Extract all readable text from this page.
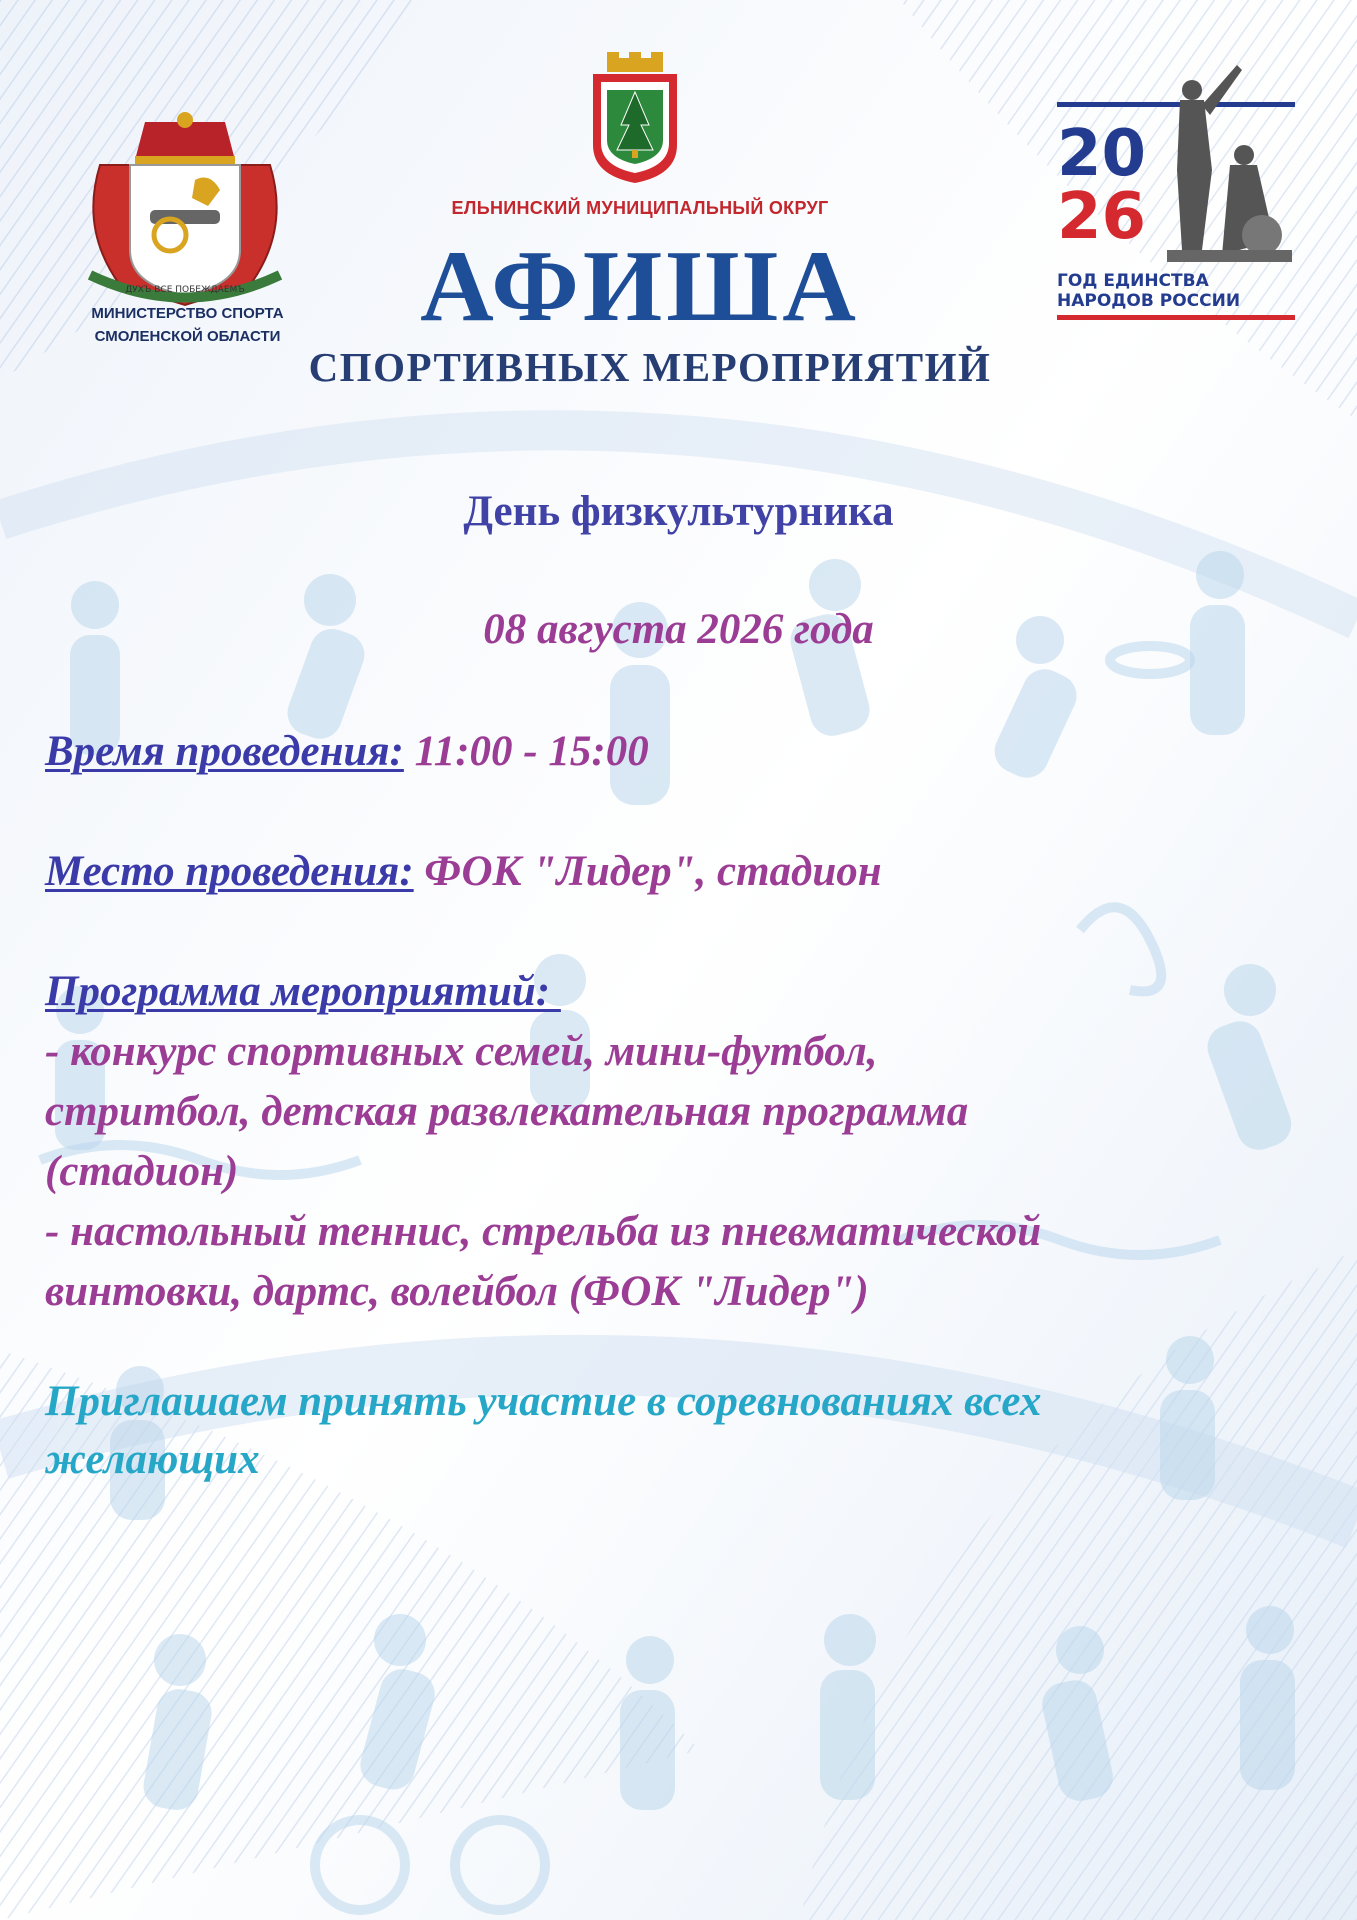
ДУХЪ ВСЕ ПОБЕЖДАЕМЪ
МИНИСТЕРСТВО СПОРТА
СМОЛЕНСКОЙ ОБЛАСТИ
ЕЛЬНИНСКИЙ МУНИЦИПАЛЬНЫЙ ОКРУГ
АФИША
СПОРТИВНЫХ МЕРОПРИЯТИЙ
20
26
ГОД ЕДИНСТВА
НАРОДОВ РОССИИ
День физкультурника
08 августа 2026 года
Время проведения: 11:00 - 15:00
Место проведения: ФОК "Лидер", стадион
Программа мероприятий:
- конкурс спортивных семей, мини-футбол,
стритбол, детская развлекательная программа
(стадион)
- настольный теннис, стрельба из пневматической
винтовки, дартс, волейбол (ФОК "Лидер")
Приглашаем принять участие в соревнованиях всех
желающих
